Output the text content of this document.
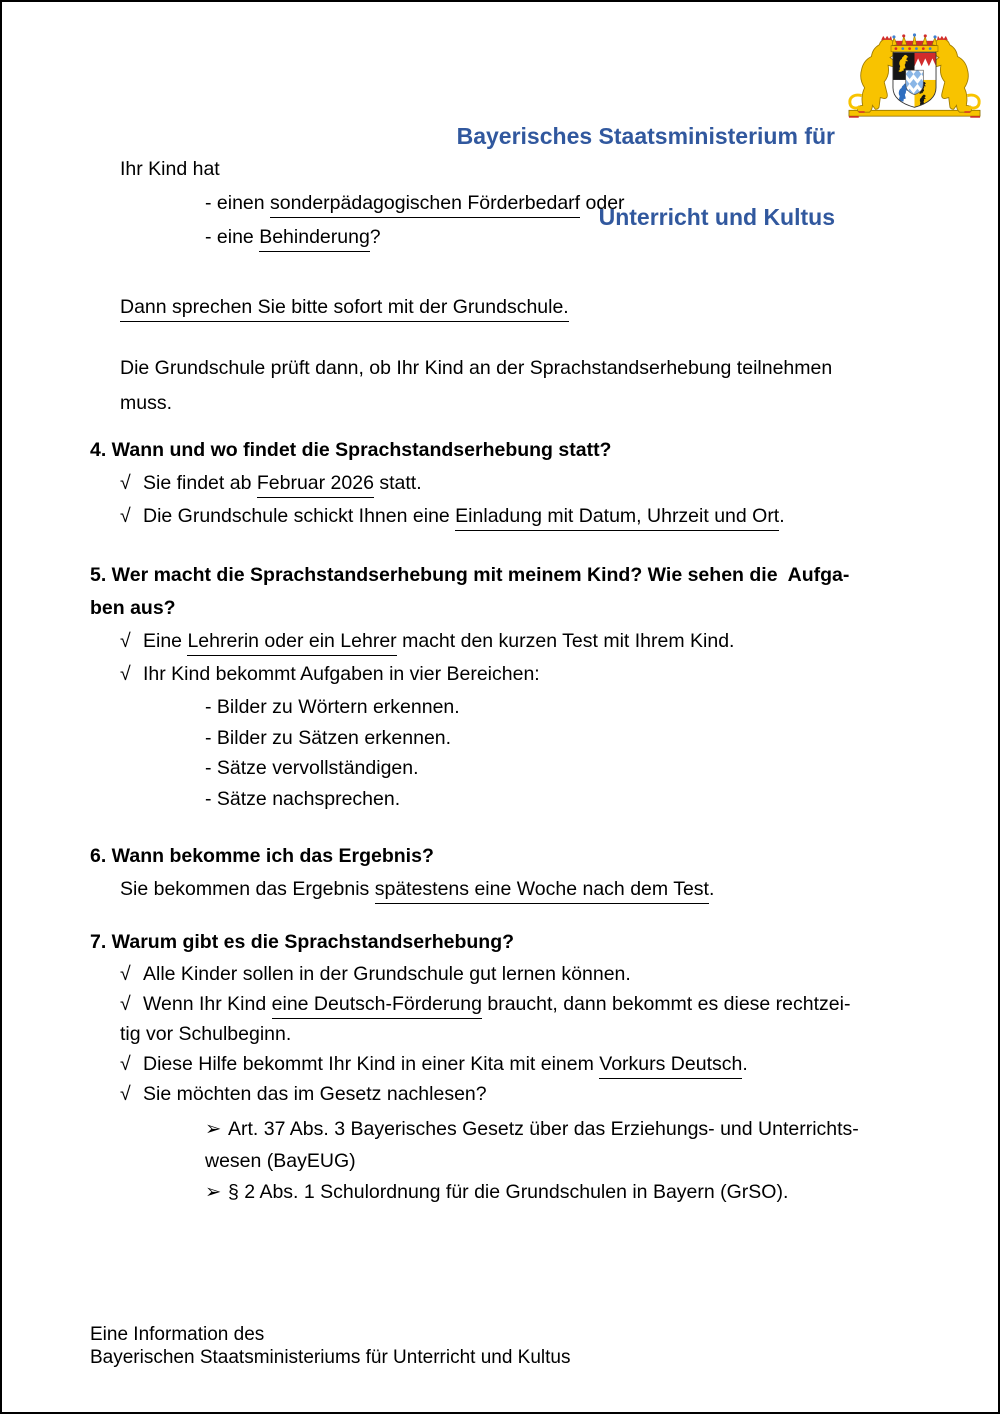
Bayerisches Staatsministerium für

Unterricht und Kultus

Ihr Kind hat
- einen sonderpädagogischen Förderbedarf oder
- eine Behinderung?
Dann sprechen Sie bitte sofort mit der Grundschule.
Die Grundschule prüft dann, ob Ihr Kind an der Sprachstandserhebung teilnehmen
muss.
4. Wann und wo findet die Sprachstandserhebung statt?
√ Sie findet ab Februar 2026 statt.
√ Die Grundschule schickt Ihnen eine Einladung mit Datum, Uhrzeit und Ort.
5. Wer macht die Sprachstandserhebung mit meinem Kind? Wie sehen die  Aufga-
ben aus?
√ Eine Lehrerin oder ein Lehrer macht den kurzen Test mit Ihrem Kind.
√ Ihr Kind bekommt Aufgaben in vier Bereichen:
- Bilder zu Wörtern erkennen.
- Bilder zu Sätzen erkennen.
- Sätze vervollständigen.
- Sätze nachsprechen.
6. Wann bekomme ich das Ergebnis?
Sie bekommen das Ergebnis spätestens eine Woche nach dem Test.
7. Warum gibt es die Sprachstandserhebung?
√ Alle Kinder sollen in der Grundschule gut lernen können.
√ Wenn Ihr Kind eine Deutsch-Förderung braucht, dann bekommt es diese rechtzei-
tig vor Schulbeginn.
√ Diese Hilfe bekommt Ihr Kind in einer Kita mit einem Vorkurs Deutsch.
√ Sie möchten das im Gesetz nachlesen?
➢ Art. 37 Abs. 3 Bayerisches Gesetz über das Erziehungs- und Unterrichts-
wesen (BayEUG)
➢ § 2 Abs. 1 Schulordnung für die Grundschulen in Bayern (GrSO).
Eine Information des
Bayerischen Staatsministeriums für Unterricht und Kultus
